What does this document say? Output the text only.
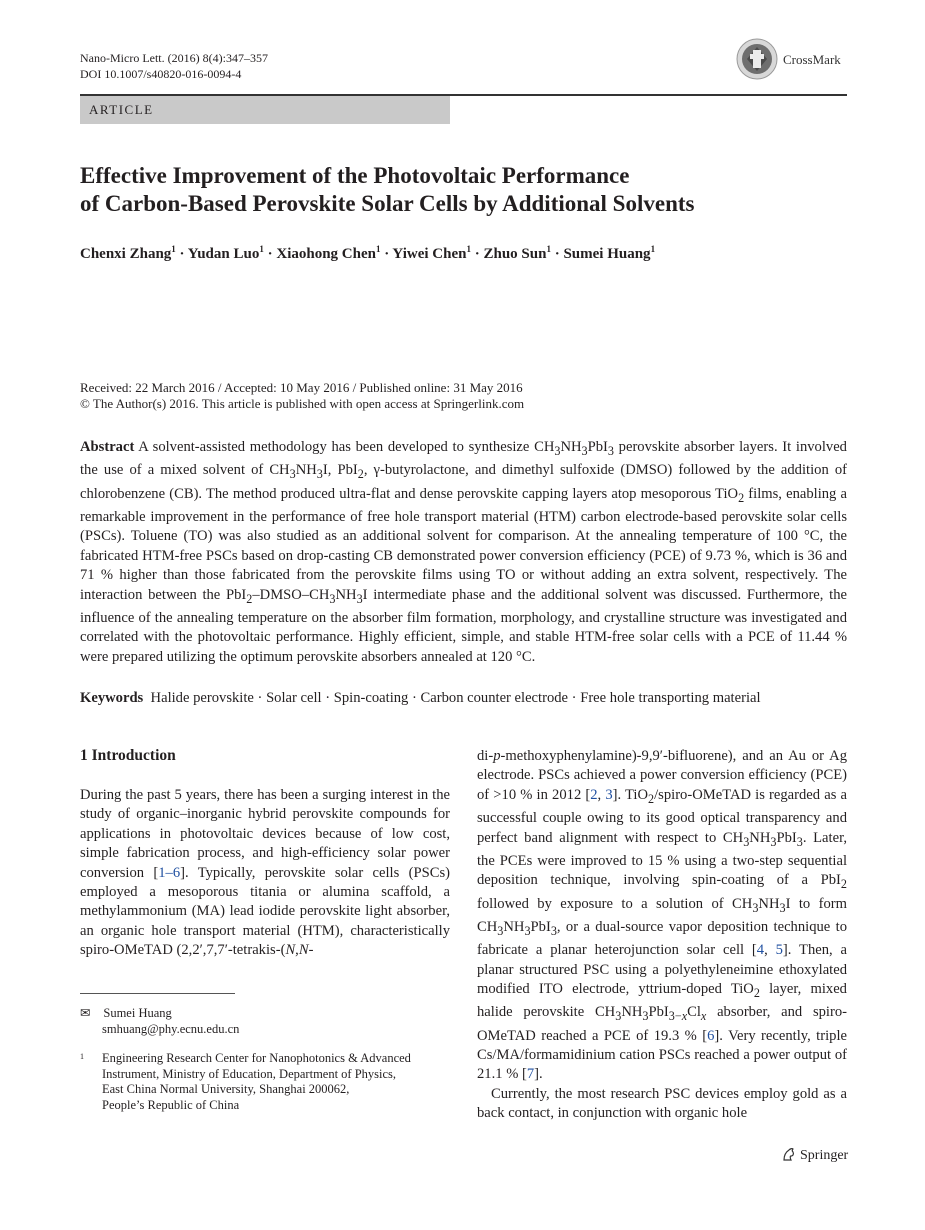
Nano-Micro Lett. (2016) 8(4):347–357
DOI 10.1007/s40820-016-0094-4
CrossMark
ARTICLE
Effective Improvement of the Photovoltaic Performance
of Carbon-Based Perovskite Solar Cells by Additional Solvents
Chenxi Zhang$^1$ · Yudan Luo$^1$ · Xiaohong Chen$^1$ · Yiwei Chen$^1$ · Zhuo Sun$^1$ · Sumei Huang$^1$
Received: 22 March 2016 / Accepted: 10 May 2016 / Published online: 31 May 2016
© The Author(s) 2016. This article is published with open access at Springerlink.com
Abstract A solvent-assisted methodology has been developed to synthesize $CH_3NH_3PbI_3$ perovskite absorber layers. It involved the use of a mixed solvent of $CH_3NH_3I$, PbI$_2$, γ-butyrolactone, and dimethyl sulfoxide (DMSO) followed by the addition of chlorobenzene (CB). The method produced ultra-flat and dense perovskite capping layers atop mesoporous TiO$_2$ films, enabling a remarkable improvement in the performance of free hole transport material (HTM) carbon electrode-based perovskite solar cells (PSCs). Toluene (TO) was also studied as an additional solvent for comparison. At the annealing temperature of 100 °C, the fabricated HTM-free PSCs based on drop-casting CB demonstrated power conversion efficiency (PCE) of 9.73 %, which is 36 and 71 % higher than those fabricated from the perovskite films using TO or without adding an extra solvent, respectively. The interaction between the $PbI_2-DMSO-CH_3NH_3I$ intermediate phase and the additional solvent was discussed. Furthermore, the influence of the annealing temperature on the absorber film formation, morphology, and crystalline structure was investigated and correlated with the photovoltaic performance. Highly efficient, simple, and stable HTM-free solar cells with a PCE of 11.44 % were prepared utilizing the optimum perovskite absorbers annealed at 120 °C.
Keywords Halide perovskite · Solar cell · Spin-coating · Carbon counter electrode · Free hole transporting material
1 Introduction

During the past 5 years, there has been a surging interest in the study of organic–inorganic hybrid perovskite compounds for applications in photovoltaic devices because of low cost, simple fabrication process, and high-efficiency solar power conversion [1–6]. Typically, perovskite solar cells (PSCs) employed a mesoporous titania or alumina scaffold, a methylammonium (MA) lead iodide perovskite light absorber, an organic hole transport material (HTM), characteristically spiro-OMeTAD (2,2′,7,7′-tetrakis-(N,N-

di-p-methoxyphenylamine)-9,9′-bifluorene), and an Au or Ag electrode. PSCs achieved a power conversion efficiency (PCE) of >10 % in 2012 [2, 3]. TiO$_2$/spiro-OMeTAD is regarded as a successful couple owing to its good optical transparency and perfect band alignment with respect to $CH_3NH_3PbI_3$. Later, the PCEs were improved to 15 % using a two-step sequential deposition technique, involving spin-coating of a PbI$_2$ followed by exposure to a solution of $CH_3NH_3I$ to form $CH_3NH_3PbI_3$, or a dual-source vapor deposition technique to fabricate a planar heterojunction solar cell [4, 5]. Then, a planar structured PSC using a polyethyleneimine ethoxylated modified ITO electrode, yttrium-doped TiO$_2$ layer, mixed halide perovskite $CH_3NH_3PbI_{3-x}Cl_x$ absorber, and spiro-OMeTAD reached a PCE of 19.3 % [6]. Very recently, triple Cs/MA/formamidinium cation PSCs reached a power output of 21.1 % [7].

Currently, the most research PSC devices employ gold as a back contact, in conjunction with organic hole

✉ Sumei Huang
smhuang@phy.ecnu.edu.cn
1 Engineering Research Center for Nanophotonics & Advanced
Instrument, Ministry of Education, Department of Physics,
East China Normal University, Shanghai 200062,
People’s Republic of China
Springer
